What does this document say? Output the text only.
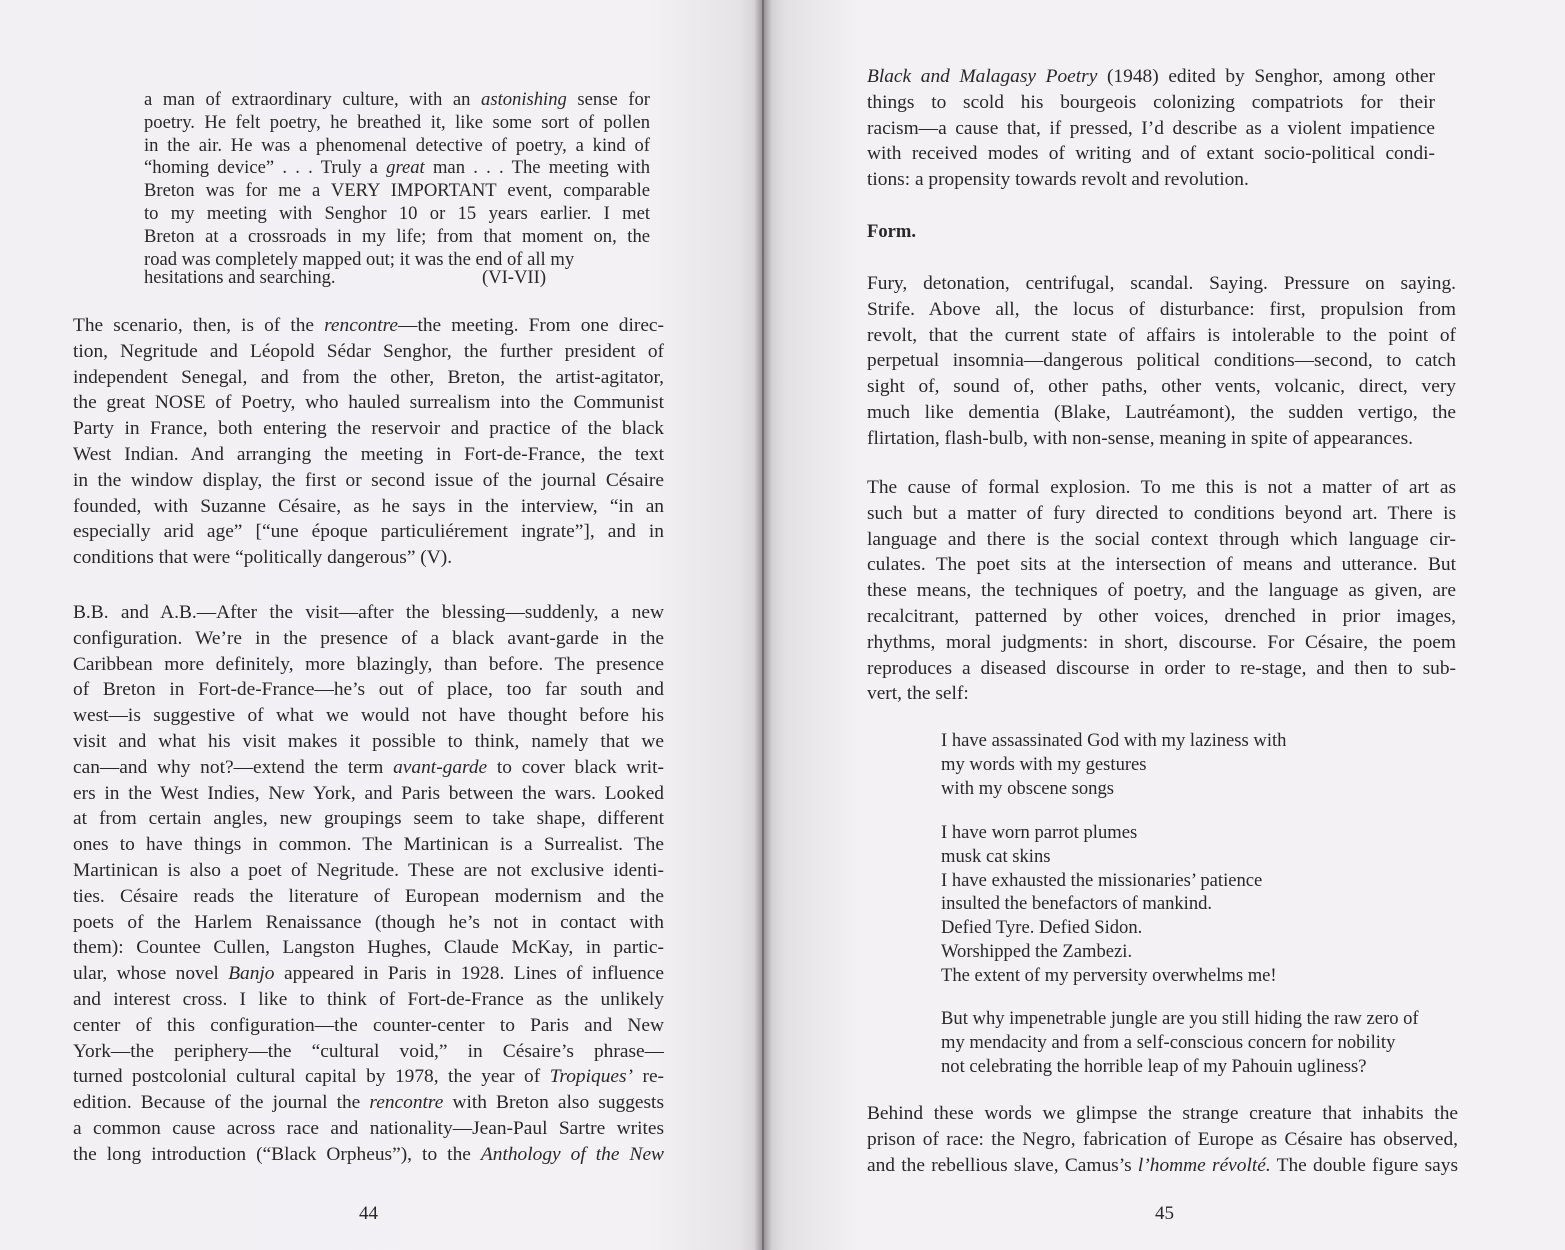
a man of extraordinary culture, with an astonishing sense for
poetry. He felt poetry, he breathed it, like some sort of pollen
in the air. He was a phenomenal detective of poetry, a kind of
“homing device” . . . Truly a great man . . . The meeting with
Breton was for me a VERY IMPORTANT event, comparable
to my meeting with Senghor 10 or 15 years earlier. I met
Breton at a crossroads in my life; from that moment on, the
road was completely mapped out; it was the end of all my
hesitations and searching.	(VI-VII)
The scenario, then, is of the rencontre—the meeting. From one direc-
tion, Negritude and Léopold Sédar Senghor, the further president of
independent Senegal, and from the other, Breton, the artist-agitator,
the great NOSE of Poetry, who hauled surrealism into the Communist
Party in France, both entering the reservoir and practice of the black
West Indian. And arranging the meeting in Fort-de-France, the text
in the window display, the first or second issue of the journal Césaire
founded, with Suzanne Césaire, as he says in the interview, “in an
especially arid age” [“une époque particuliérement ingrate”], and in
conditions that were “politically dangerous” (V).
B.B. and A.B.—After the visit—after the blessing—suddenly, a new
configuration. We’re in the presence of a black avant-garde in the
Caribbean more definitely, more blazingly, than before. The presence
of Breton in Fort-de-France—he’s out of place, too far south and
west—is suggestive of what we would not have thought before his
visit and what his visit makes it possible to think, namely that we
can—and why not?—extend the term avant-garde to cover black writ-
ers in the West Indies, New York, and Paris between the wars. Looked
at from certain angles, new groupings seem to take shape, different
ones to have things in common. The Martinican is a Surrealist. The
Martinican is also a poet of Negritude. These are not exclusive identi-
ties. Césaire reads the literature of European modernism and the
poets of the Harlem Renaissance (though he’s not in contact with
them): Countee Cullen, Langston Hughes, Claude McKay, in partic-
ular, whose novel Banjo appeared in Paris in 1928. Lines of influence
and interest cross. I like to think of Fort-de-France as the unlikely
center of this configuration—the counter-center to Paris and New
York—the periphery—the “cultural void,” in Césaire’s phrase—
turned postcolonial cultural capital by 1978, the year of Tropiques’ re-
edition. Because of the journal the rencontre with Breton also suggests
a common cause across race and nationality—Jean-Paul Sartre writes
the long introduction (“Black Orpheus”), to the Anthology of the New
44
Black and Malagasy Poetry (1948) edited by Senghor, among other
things to scold his bourgeois colonizing compatriots for their
racism—a cause that, if pressed, I’d describe as a violent impatience
with received modes of writing and of extant socio-political condi-
tions: a propensity towards revolt and revolution.
Form.
Fury, detonation, centrifugal, scandal. Saying. Pressure on saying.
Strife. Above all, the locus of disturbance: first, propulsion from
revolt, that the current state of affairs is intolerable to the point of
perpetual insomnia—dangerous political conditions—second, to catch
sight of, sound of, other paths, other vents, volcanic, direct, very
much like dementia (Blake, Lautréamont), the sudden vertigo, the
flirtation, flash-bulb, with non-sense, meaning in spite of appearances.
The cause of formal explosion. To me this is not a matter of art as
such but a matter of fury directed to conditions beyond art. There is
language and there is the social context through which language cir-
culates. The poet sits at the intersection of means and utterance. But
these means, the techniques of poetry, and the language as given, are
recalcitrant, patterned by other voices, drenched in prior images,
rhythms, moral judgments: in short, discourse. For Césaire, the poem
reproduces a diseased discourse in order to re-stage, and then to sub-
vert, the self:
I have assassinated God with my laziness with
my words with my gestures
with my obscene songs
I have worn parrot plumes
musk cat skins
I have exhausted the missionaries’ patience
insulted the benefactors of mankind.
Defied Tyre. Defied Sidon.
Worshipped the Zambezi.
The extent of my perversity overwhelms me!
But why impenetrable jungle are you still hiding the raw zero of
my mendacity and from a self-conscious concern for nobility
not celebrating the horrible leap of my Pahouin ugliness?
Behind these words we glimpse the strange creature that inhabits the
prison of race: the Negro, fabrication of Europe as Césaire has observed,
and the rebellious slave, Camus’s l’homme révolté. The double figure says
45
